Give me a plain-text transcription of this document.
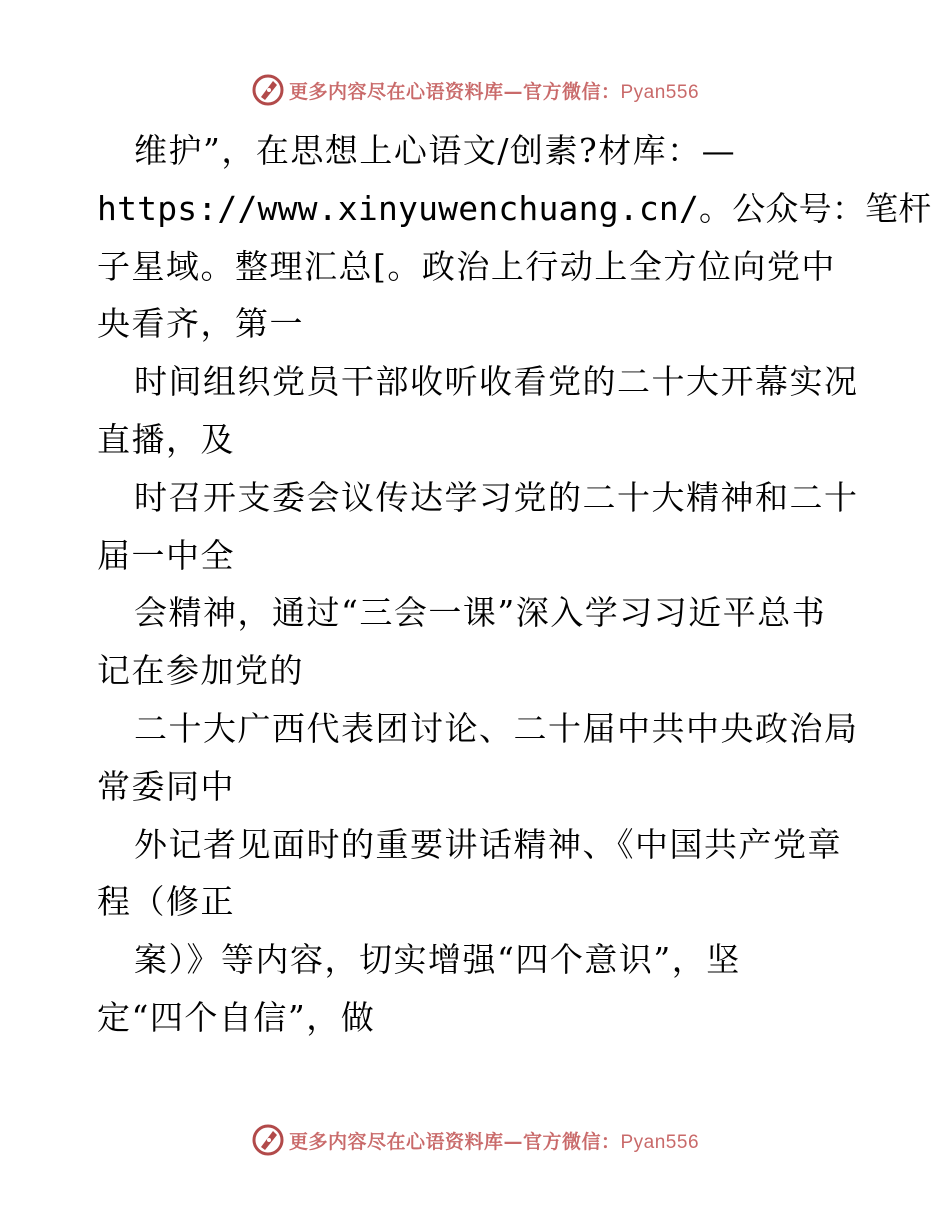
更多内容尽在心语资料库—官方微信：Pyan556
维护”，在思想上心语文/创素?材库：—
https://www.xinyuwenchuang.cn/。公众号：笔杆
子星域。整理汇总[。政治上行动上全方位向党中
央看齐，第一
时间组织党员干部收听收看党的二十大开幕实况
直播，及
时召开支委会议传达学习党的二十大精神和二十
届一中全
会精神，通过“三会一课”深入学习习近平总书
记在参加党的
二十大广西代表团讨论、二十届中共中央政治局
常委同中
外记者见面时的重要讲话精神、《中国共产党章
程（修正
案）》等内容，切实增强“四个意识”，坚
定“四个自信”，做
更多内容尽在心语资料库—官方微信：Pyan556
